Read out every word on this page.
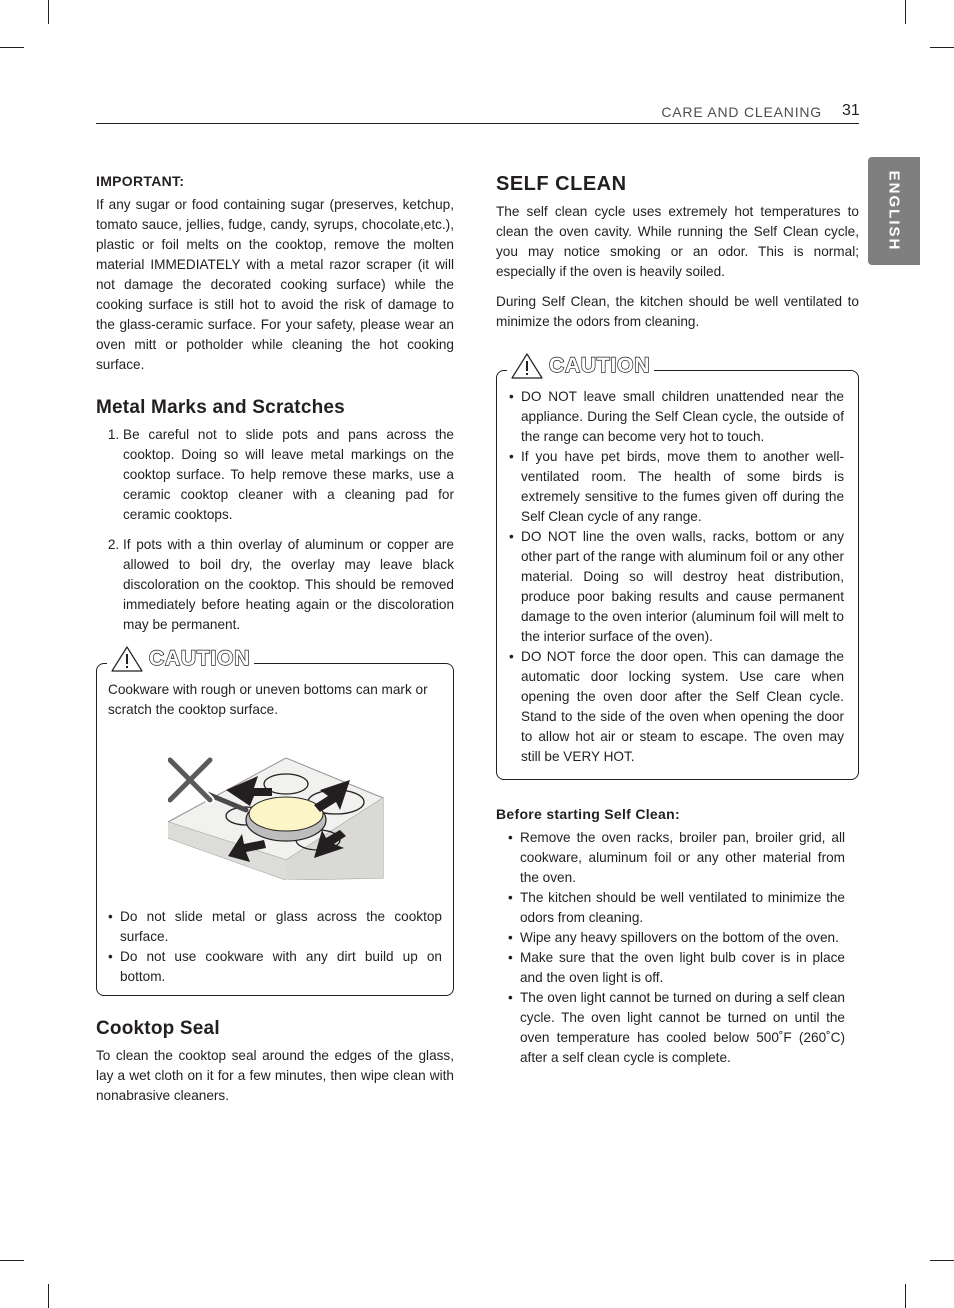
CARE AND CLEANING 31
ENGLISH
IMPORTANT:

If any sugar or food containing sugar (preserves, ketchup, tomato sauce, jellies, fudge, candy, syrups, chocolate,etc.), plastic or foil melts on the cooktop, remove the molten material IMMEDIATELY with a metal razor scraper (it will not damage the decorated cooking surface) while the cooking surface is still hot to avoid the risk of damage to the glass-ceramic surface. For your safety, please wear an oven mitt or potholder while cleaning the hot cooking surface.

Metal Marks and Scratches
1. Be careful not to slide pots and pans across the cooktop. Doing so will leave metal markings on the cooktop surface. To help remove these marks, use a ceramic cooktop cleaner with a cleaning pad for ceramic cooktops.
2. If pots with a thin overlay of aluminum or copper are allowed to boil dry, the overlay may leave black discoloration on the cooktop. This should be removed immediately before heating again or the discoloration may be permanent.
CAUTION

Cookware with rough or uneven bottoms can mark or scratch the cooktop surface.

• Do not slide metal or glass across the cooktop surface.
• Do not use cookware with any dirt build up on bottom.
Cooktop Seal

To clean the cooktop seal around the edges of the glass, lay a wet cloth on it for a few minutes, then wipe clean with nonabrasive cleaners.

SELF CLEAN

The self clean cycle uses extremely hot temperatures to clean the oven cavity. While running the Self Clean cycle, you may notice smoking or an odor. This is normal; especially if the oven is heavily soiled.

During Self Clean, the kitchen should be well ventilated to minimize the odors from cleaning.

CAUTION
• DO NOT leave small children unattended near the appliance. During the Self Clean cycle, the outside of the range can become very hot to touch.
• If you have pet birds, move them to another well-ventilated room. The health of some birds is extremely sensitive to the fumes given off during the Self Clean cycle of any range.
• DO NOT line the oven walls, racks, bottom or any other part of the range with aluminum foil or any other material. Doing so will destroy heat distribution, produce poor baking results and cause permanent damage to the oven interior (aluminum foil will melt to the interior surface of the oven).
• DO NOT force the door open. This can damage the automatic door locking system. Use care when opening the oven door after the Self Clean cycle. Stand to the side of the oven when opening the door to allow hot air or steam to escape. The oven may still be VERY HOT.
Before starting Self Clean:
• Remove the oven racks, broiler pan, broiler grid, all cookware, aluminum foil or any other material from the oven.
• The kitchen should be well ventilated to minimize the odors from cleaning.
• Wipe any heavy spillovers on the bottom of the oven.
• Make sure that the oven light bulb cover is in place and the oven light is off.
• The oven light cannot be turned on during a self clean cycle. The oven light cannot be turned on until the oven temperature has cooled below 500˚F (260˚C) after a self clean cycle is complete.
